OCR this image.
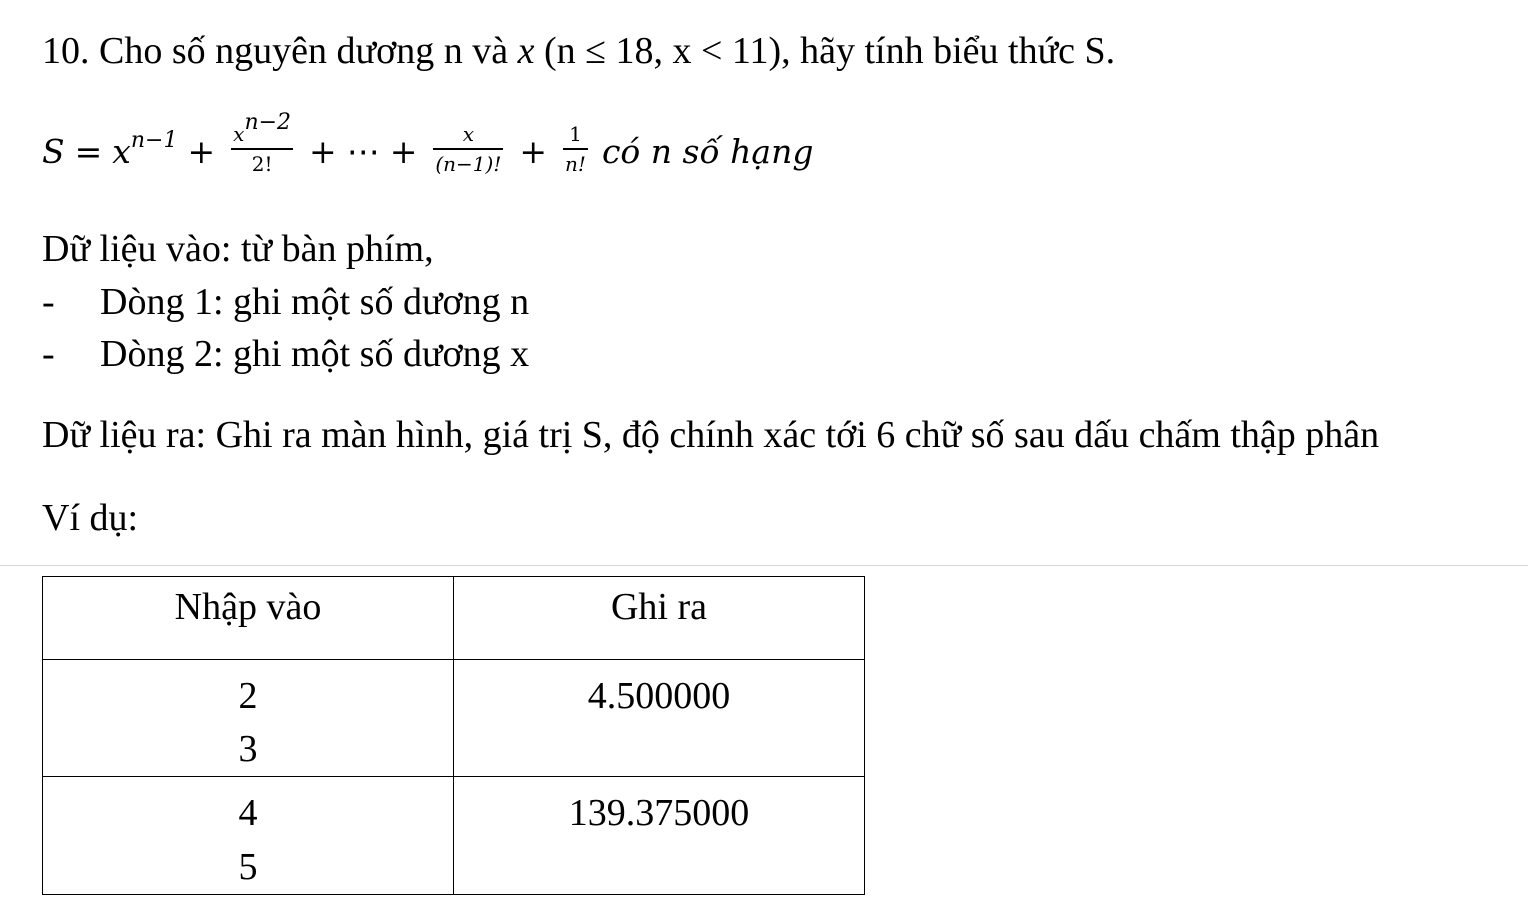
10. Cho số nguyên dương n và x (n ≤ 18, x < 11), hãy tính biểu thức S.
$S = x^{n-1} + \frac{x^{n-2}}{2!}$ + ⋯ + $\frac{x}{(n-1)!} + \frac{1}{n!}$ có n số hạng
Dữ liệu vào: từ bàn phím,
- Dòng 1: ghi một số dương n
- Dòng 2: ghi một số dương x
Dữ liệu ra: Ghi ra màn hình, giá trị S, độ chính xác tới 6 chữ số sau dấu chấm thập phân
Ví dụ:
Nhập vào	Ghi ra

2
3	4.500000

4
5	139.375000
